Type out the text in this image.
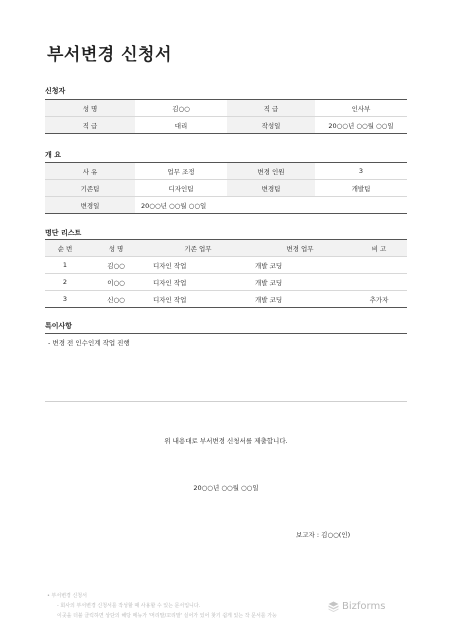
부서변경 신청서
신청자
성 명	김○○	직 급	인사부
직 급	대리	작성일	20○○년 ○○월 ○○일
개 요
사 유	업무 조정	변경 인원	3
기존팀	디자인팀	변경팀	개발팀
변경일	20○○년 ○○월 ○○일		
명단 리스트
순 번	성 명	기존 업무	변경 업무	비 고
1	김○○	디자인 작업	개발 코딩	
2	이○○	디자인 작업	개발 코딩	
3	신○○	디자인 작업	개발 코딩	추가자
특이사항
- 변경 전 인수인계 작업 진행
위 내용대로 부서변경 신청서를 제출합니다.
20○○년 ○○월 ○○일
보고자 : 김○○(인)
• 부서변경 신청서
- 회사의 부서변경 신청서를 작성할 때 사용할 수 있는 문서입니다.
이곳을 더블 클릭하면 상단의 해당 메뉴가 '머리말/꼬리말' 실어가 있어 찾기 쉽게 있는 작 문서를 가능
Bizforms
